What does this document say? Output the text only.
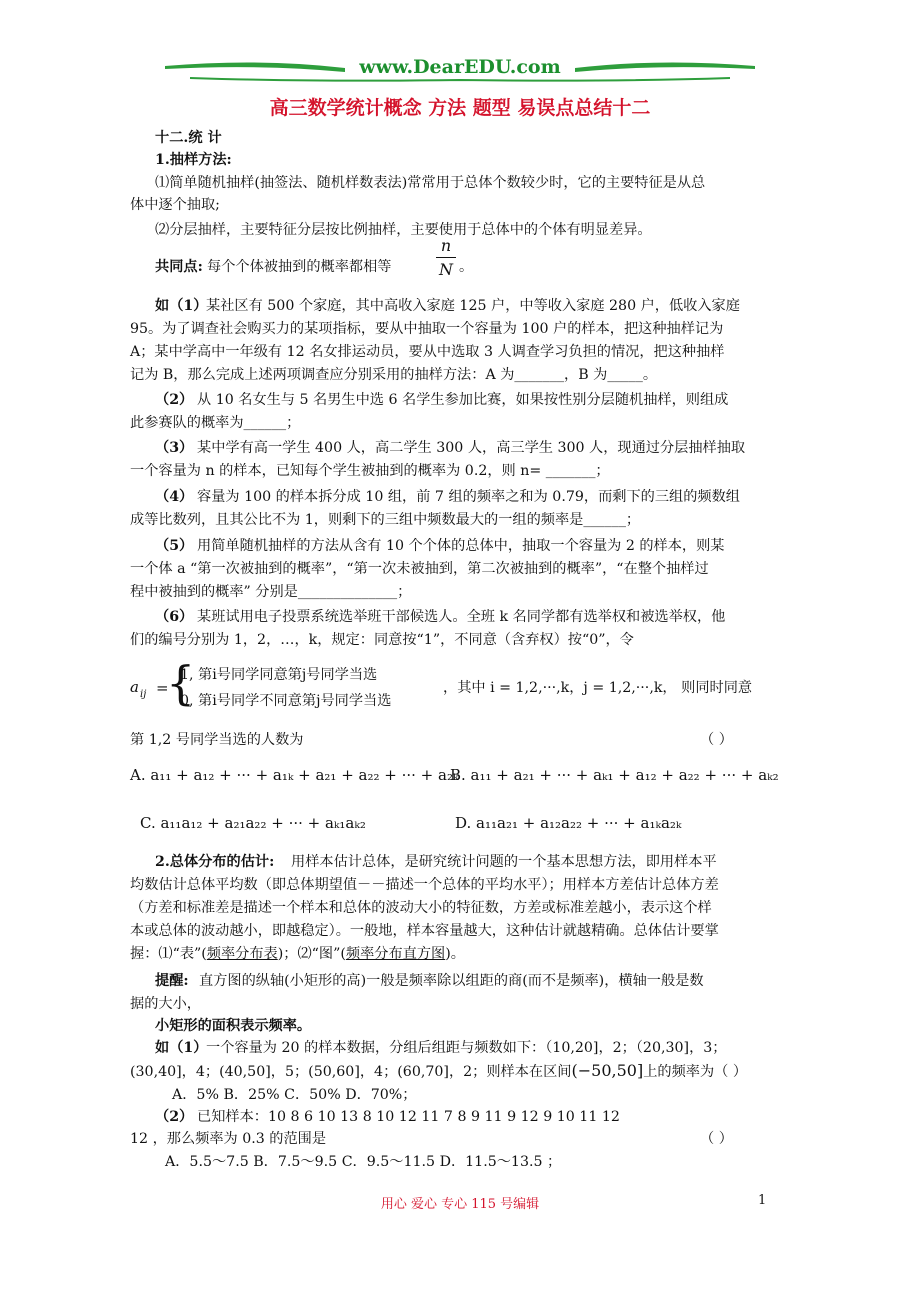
www.DearEDU.com
高三数学统计概念 方法 题型 易误点总结十二
十二.统 计
1.抽样方法:
⑴简单随机抽样(抽签法、随机样数表法)常常用于总体个数较少时，它的主要特征是从总
体中逐个抽取;
⑵分层抽样，主要特征分层按比例抽样，主要使用于总体中的个体有明显差异。
共同点: 每个个体被抽到的概率都相等
n
N 。
如（1）
某社区有 500 个家庭，其中高收入家庭 125 户，中等收入家庭 280 户，低收入家庭
95。为了调查社会购买力的某项指标，要从中抽取一个容量为 100 户的样本，把这种抽样记为
A；某中学高中一年级有 12 名女排运动员，要从中选取 3 人调查学习负担的情况，把这种抽样
记为 B，那么完成上述两项调查应分别采用的抽样方法：A 为_______，B 为_____。
（2） 从 10 名女生与 5 名男生中选 6 名学生参加比赛，如果按性别分层随机抽样，则组成
此参赛队的概率为______；
（3） 某中学有高一学生 400 人，高二学生 300 人，高三学生 300 人，现通过分层抽样抽取
一个容量为 n 的样本，已知每个学生被抽到的概率为 0.2，则 n= _______；
（4） 容量为 100 的样本拆分成 10 组，前 7 组的频率之和为 0.79，而剩下的三组的频数组
成等比数列，且其公比不为 1，则剩下的三组中频数最大的一组的频率是______；
（5） 用简单随机抽样的方法从含有 10 个个体的总体中，抽取一个容量为 2 的样本，则某
一个体 a “第一次被抽到的概率”，“第一次未被抽到，第二次被抽到的概率”，“在整个抽样过
程中被抽到的概率” 分别是______________；
（6） 某班试用电子投票系统选举班干部候选人。全班 k 名同学都有选举权和被选举权，他
们的编号分别为 1，2，…，k，规定：同意按“1”，不同意（含弃权）按“0”，令
a ij =
{
1, 第i号同学同意第j号同学当选
0, 第i号同学不同意第j号同学当选
，其中 i = 1,2,···,k，j = 1,2,···,k， 则同时同意
第 1,2 号同学当选的人数为	（ ）
A. a₁₁ + a₁₂ + ··· + a₁ₖ + a₂₁ + a₂₂ + ··· + a₂ₖ
B. a₁₁ + a₂₁ + ··· + aₖ₁ + a₁₂ + a₂₂ + ··· + aₖ₂
C. a₁₁a₁₂ + a₂₁a₂₂ + ··· + aₖ₁aₖ₂	D. a₁₁a₂₁ + a₁₂a₂₂ + ··· + a₁ₖa₂ₖ
2.总体分布的估计: 用样本估计总体，是研究统计问题的一个基本思想方法，即用样本平
均数估计总体平均数（即总体期望值－－描述一个总体的平均水平）；用样本方差估计总体方差
（方差和标准差是描述一个样本和总体的波动大小的特征数，方差或标准差越小，表示这个样
本或总体的波动越小，即越稳定）。一般地，样本容量越大，这种估计就越精确。总体估计要掌
握：⑴“表”(频率分布表)；⑵“图”(频率分布直方图)。
提醒: 直方图的纵轴(小矩形的高)一般是频率除以组距的商(而不是频率)，横轴一般是数
据的大小，
小矩形的面积表示频率。
如（1）
一个容量为 20 的样本数据，分组后组距与频数如下：（10,20]，2；（20,30]，3；
(30,40]，4；(40,50]，5；(50,60]，4；(60,70]，2；则样本在区间(−50,50]上的频率为（ ）
A．5% B．25% C．50% D．70%；
（2） 已知样本：10 8 6 10 13 8 10 12 11 7 8 9 11 9 12 9 10 11 12
12 ，那么频率为 0.3 的范围是	（ ）
A．5.5～7.5 B．7.5～9.5 C．9.5～11.5 D．11.5～13.5 ；
用心 爱心 专心 115 号编辑	1
